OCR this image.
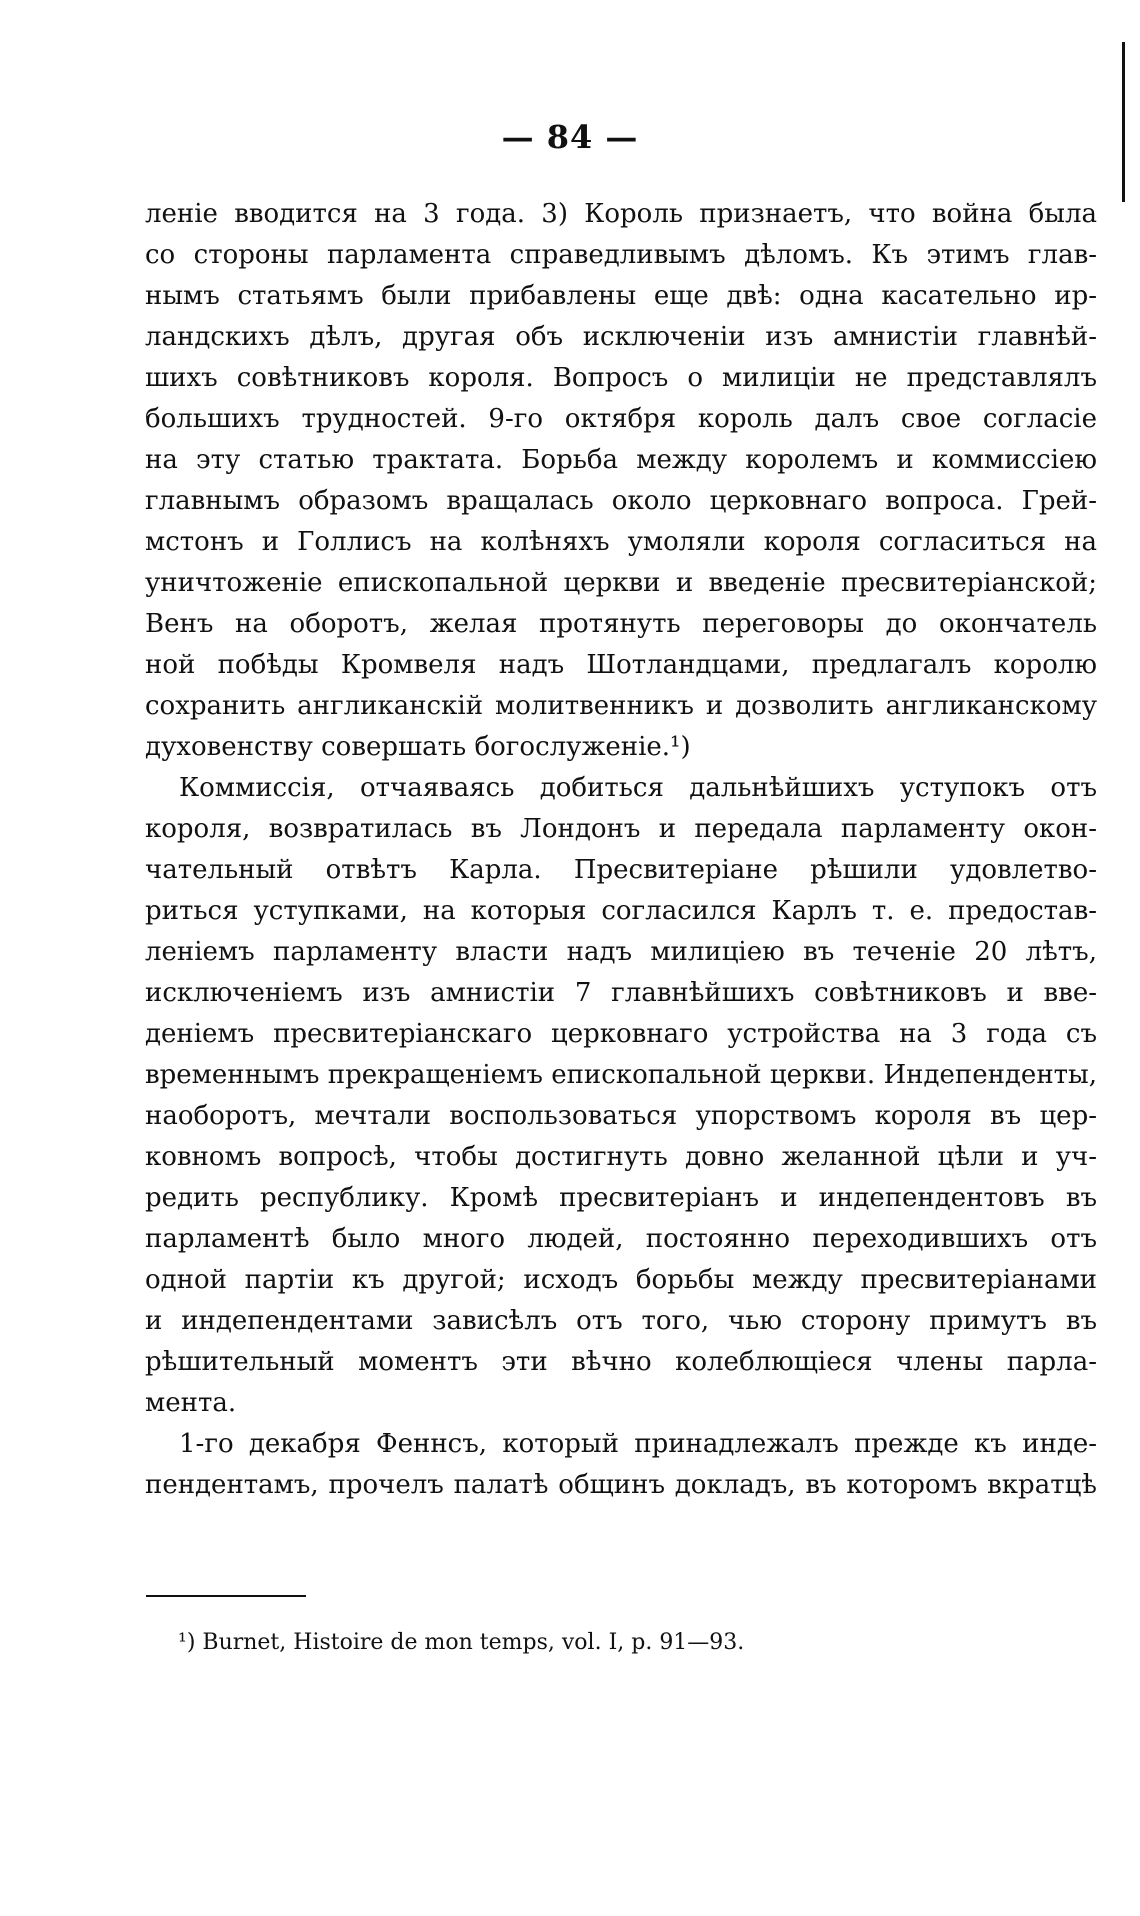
— 84 —
леніе вводится на 3 года. 3) Король признаетъ, что война была
со стороны парламента справедливымъ дѣломъ. Къ этимъ глав-
нымъ статьямъ были прибавлены еще двѣ: одна касательно ир-
ландскихъ дѣлъ, другая объ исключеніи изъ амнистіи главнѣй-
шихъ совѣтниковъ короля. Вопросъ о милиціи не представлялъ
большихъ трудностей. 9-го октября король далъ свое согласіе
на эту статью трактата. Борьба между королемъ и коммиссіею
главнымъ образомъ вращалась около церковнаго вопроса. Грей-
мстонъ и Голлисъ на колѣняхъ умоляли короля согласиться на
уничтоженіе епископальной церкви и введеніе пресвитеріанской;
Венъ на оборотъ, желая протянуть переговоры до окончатель
ной побѣды Кромвеля надъ Шотландцами, предлагалъ королю
сохранить англиканскій молитвенникъ и дозволить англиканскому
духовенству совершать богослуженіе.¹)
Коммиссія, отчаяваясь добиться дальнѣйшихъ уступокъ отъ
короля, возвратилась въ Лондонъ и передала парламенту окон-
чательный отвѣтъ Карла. Пресвитеріане рѣшили удовлетво-
риться уступками, на которыя согласился Карлъ т. е. предостав-
леніемъ парламенту власти надъ милиціею въ теченіе 20 лѣтъ,
исключеніемъ изъ амнистіи 7 главнѣйшихъ совѣтниковъ и вве-
деніемъ пресвитеріанскаго церковнаго устройства на 3 года съ
временнымъ прекращеніемъ епископальной церкви. Индепенденты,
наоборотъ, мечтали воспользоваться упорствомъ короля въ цер-
ковномъ вопросѣ, чтобы достигнуть довно желанной цѣли и уч-
редить республику. Кромѣ пресвитеріанъ и индепендентовъ въ
парламентѣ было много людей, постоянно переходившихъ отъ
одной партіи къ другой; исходъ борьбы между пресвитеріанами
и индепендентами зависѣлъ отъ того, чью сторону примутъ въ
рѣшительный моментъ эти вѣчно колеблющіеся члены парла-
мента.
1-го декабря Феннсъ, который принадлежалъ прежде къ инде-
пендентамъ, прочелъ палатѣ общинъ докладъ, въ которомъ вкратцѣ
¹) Burnet, Histoire de mon temps, vol. I, p. 91—93.
